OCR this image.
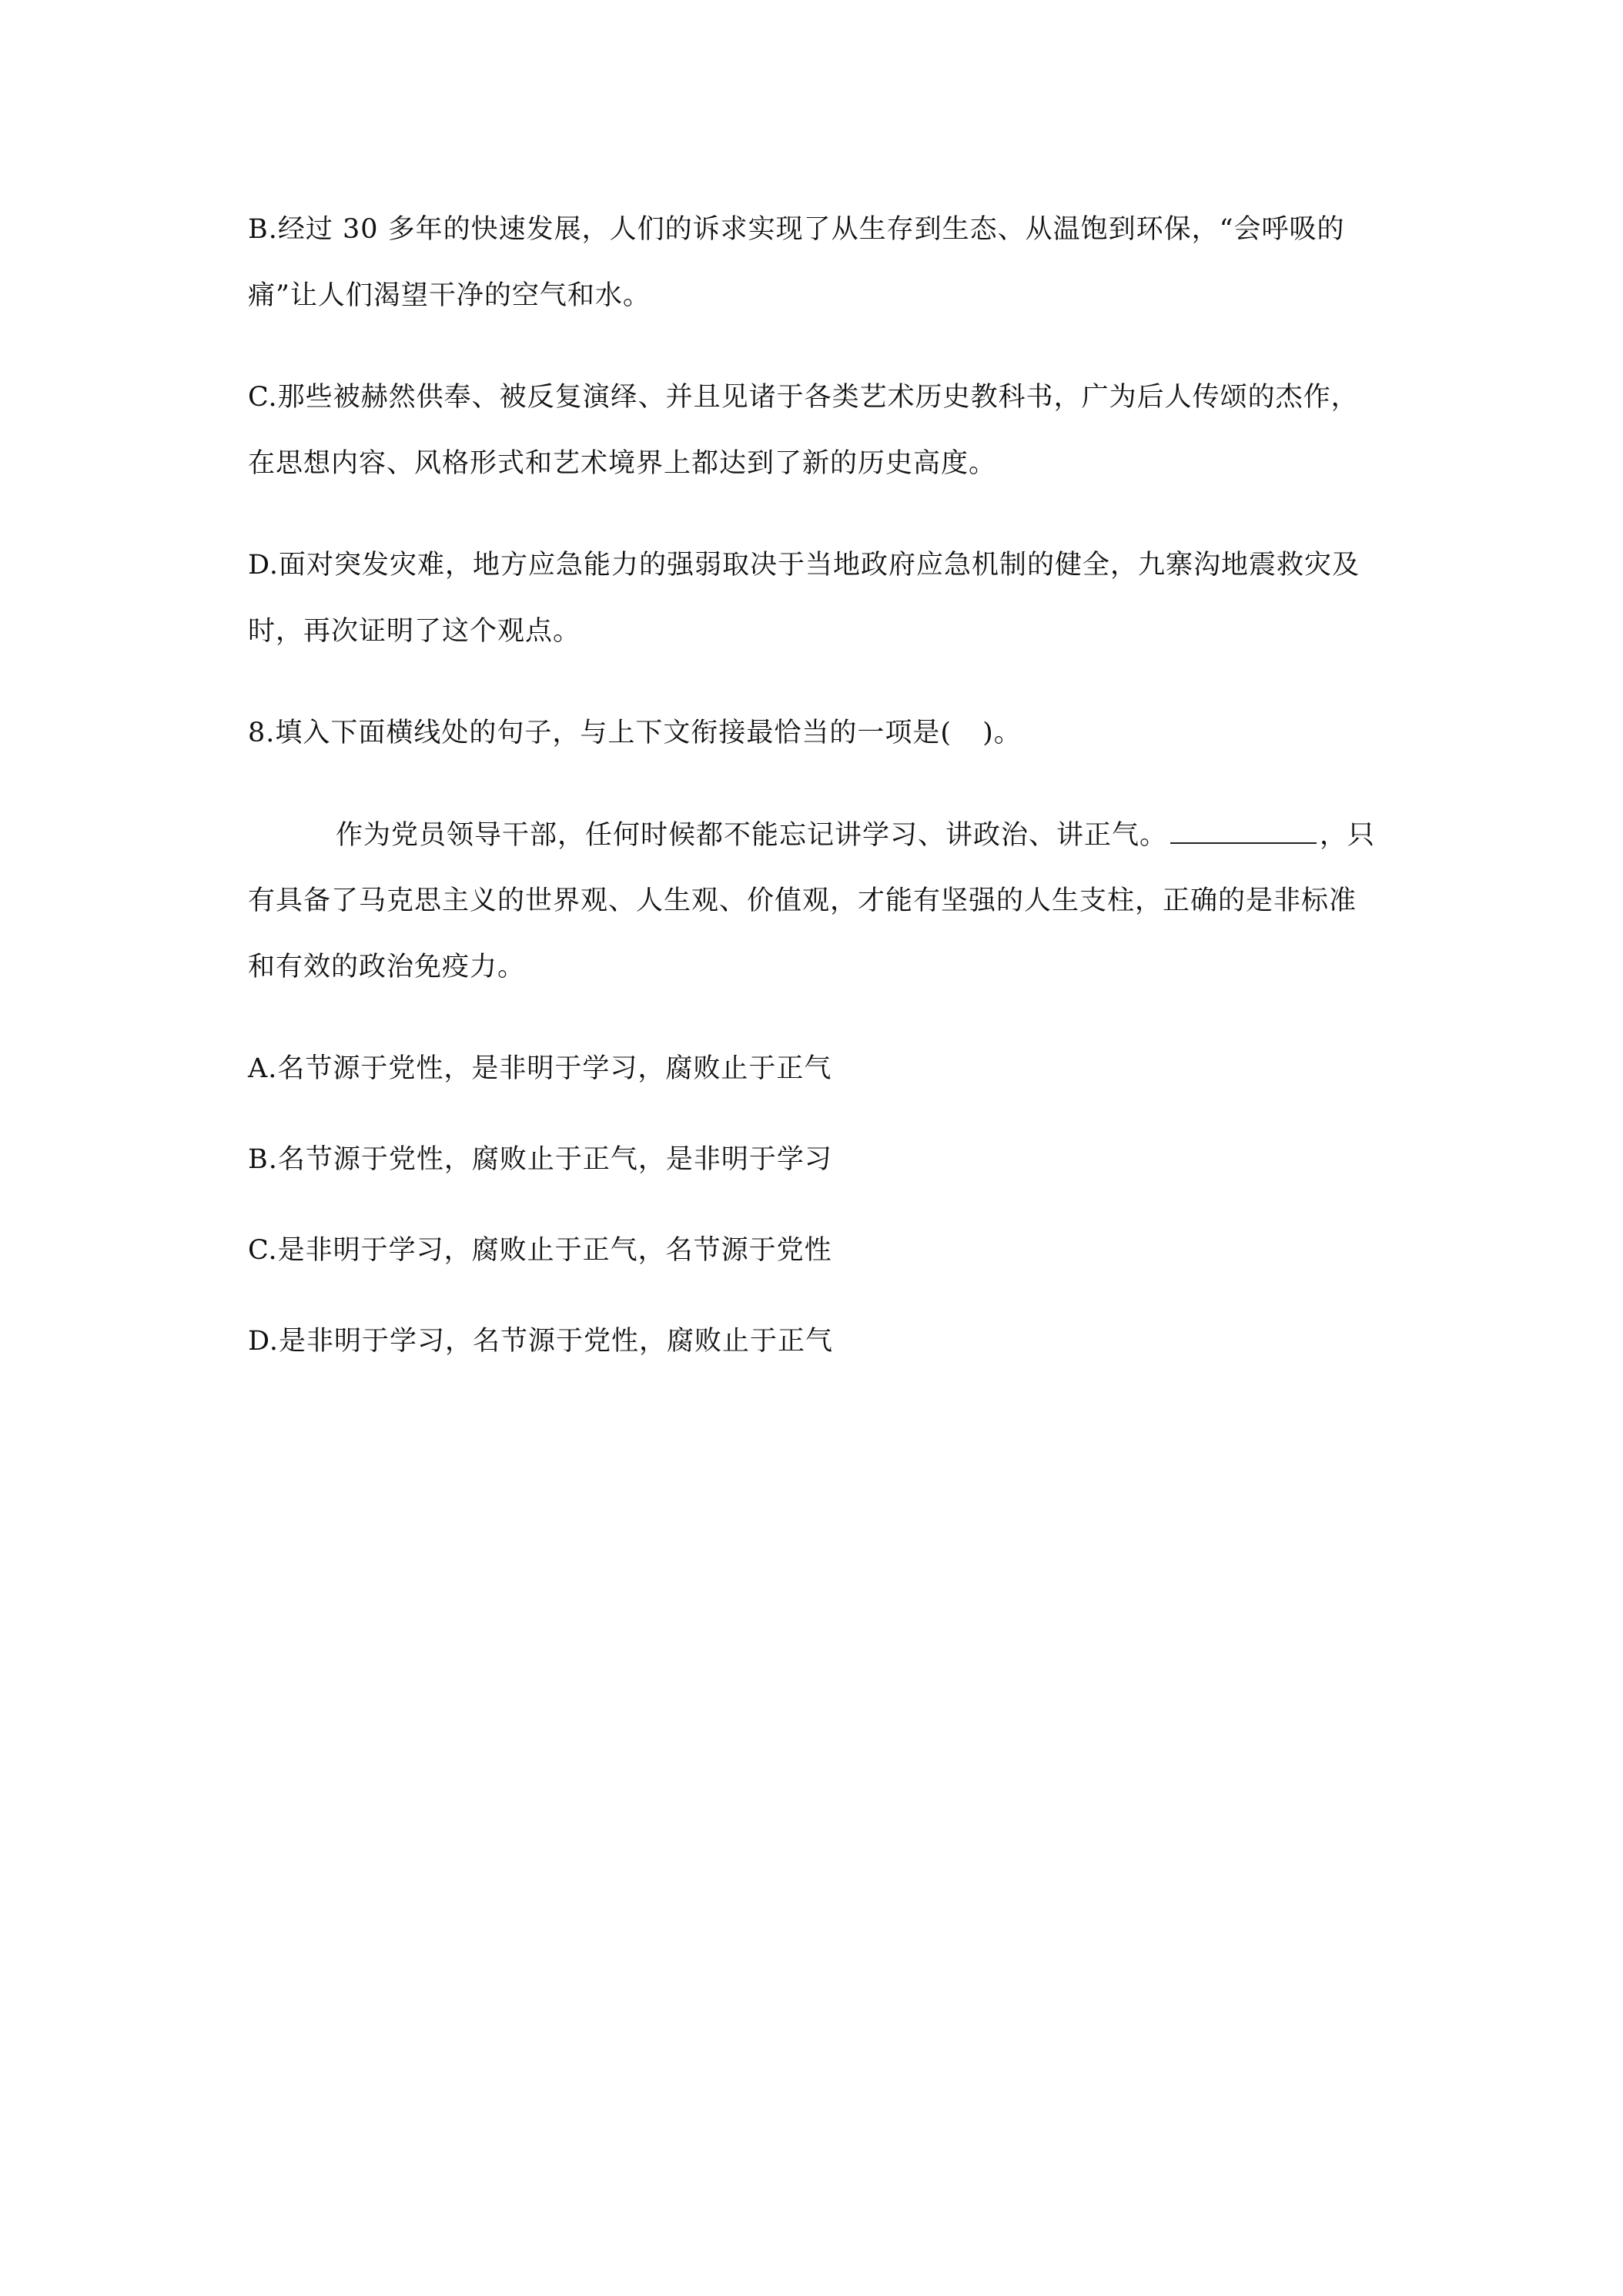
B.经过 30 多年的快速发展，人们的诉求实现了从生存到生态、从温饱到环保，“会呼吸的
痛”让人们渴望干净的空气和水。
C.那些被赫然供奉、被反复演绎、并且见诸于各类艺术历史教科书，广为后人传颂的杰作，
在思想内容、风格形式和艺术境界上都达到了新的历史高度。
D.面对突发灾难，地方应急能力的强弱取决于当地政府应急机制的健全，九寨沟地震救灾及
时，再次证明了这个观点。
8.填入下面横线处的句子，与上下文衔接最恰当的一项是( )。
作为党员领导干部，任何时候都不能忘记讲学习、讲政治、讲正气。	，只
有具备了马克思主义的世界观、人生观、价值观，才能有坚强的人生支柱，正确的是非标准
和有效的政治免疫力。
A.名节源于党性，是非明于学习，腐败止于正气
B.名节源于党性，腐败止于正气，是非明于学习
C.是非明于学习，腐败止于正气，名节源于党性
D.是非明于学习，名节源于党性，腐败止于正气
